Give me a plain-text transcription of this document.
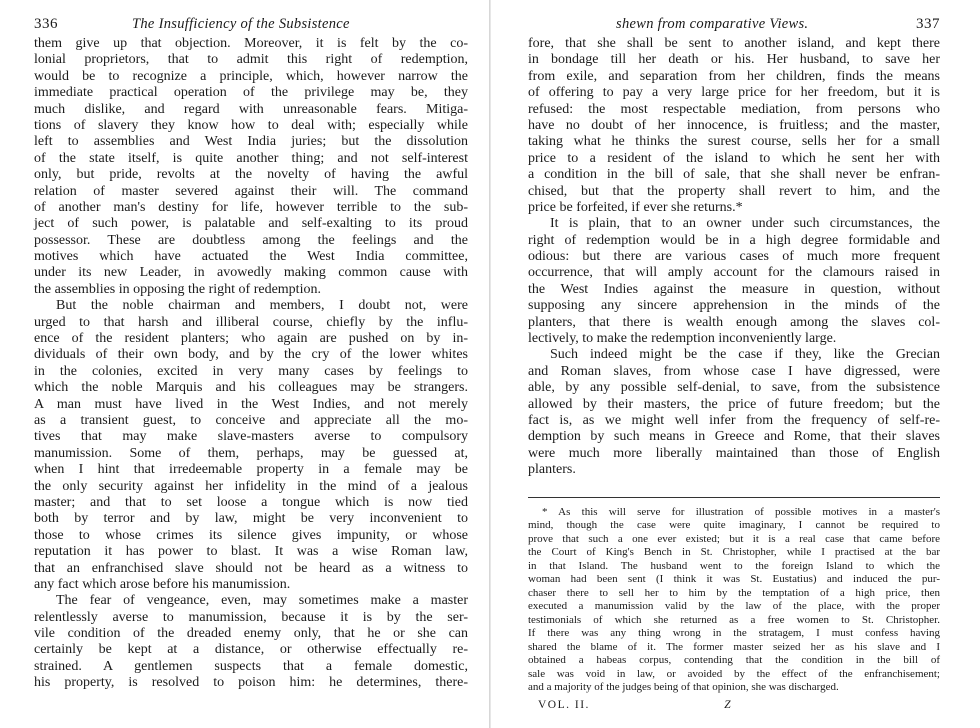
336	The Insufficiency of the Subsistence
them give up that objection. Moreover, it is felt by the co-
lonial proprietors, that to admit this right of redemption,
would be to recognize a principle, which, however narrow the
immediate practical operation of the privilege may be, they
much dislike, and regard with unreasonable fears. Mitiga-
tions of slavery they know how to deal with; especially while
left to assemblies and West India juries; but the dissolution
of the state itself, is quite another thing; and not self-interest
only, but pride, revolts at the novelty of having the awful
relation of master severed against their will. The command
of another man's destiny for life, however terrible to the sub-
ject of such power, is palatable and self-exalting to its proud
possessor. These are doubtless among the feelings and the
motives which have actuated the West India committee,
under its new Leader, in avowedly making common cause with
the assemblies in opposing the right of redemption.
But the noble chairman and members, I doubt not, were
urged to that harsh and illiberal course, chiefly by the influ-
ence of the resident planters; who again are pushed on by in-
dividuals of their own body, and by the cry of the lower whites
in the colonies, excited in very many cases by feelings to
which the noble Marquis and his colleagues may be strangers.
A man must have lived in the West Indies, and not merely
as a transient guest, to conceive and appreciate all the mo-
tives that may make slave-masters averse to compulsory
manumission. Some of them, perhaps, may be guessed at,
when I hint that irredeemable property in a female may be
the only security against her infidelity in the mind of a jealous
master; and that to set loose a tongue which is now tied
both by terror and by law, might be very inconvenient to
those to whose crimes its silence gives impunity, or whose
reputation it has power to blast. It was a wise Roman law,
that an enfranchised slave should not be heard as a witness to
any fact which arose before his manumission.
The fear of vengeance, even, may sometimes make a master
relentlessly averse to manumission, because it is by the ser-
vile condition of the dreaded enemy only, that he or she can
certainly be kept at a distance, or otherwise effectually re-
strained. A gentlemen suspects that a female domestic,
his property, is resolved to poison him: he determines, there-
shewn from comparative Views.	337
fore, that she shall be sent to another island, and kept there
in bondage till her death or his. Her husband, to save her
from exile, and separation from her children, finds the means
of offering to pay a very large price for her freedom, but it is
refused: the most respectable mediation, from persons who
have no doubt of her innocence, is fruitless; and the master,
taking what he thinks the surest course, sells her for a small
price to a resident of the island to which he sent her with
a condition in the bill of sale, that she shall never be enfran-
chised, but that the property shall revert to him, and the
price be forfeited, if ever she returns.*
It is plain, that to an owner under such circumstances, the
right of redemption would be in a high degree formidable and
odious: but there are various cases of much more frequent
occurrence, that will amply account for the clamours raised in
the West Indies against the measure in question, without
supposing any sincere apprehension in the minds of the
planters, that there is wealth enough among the slaves col-
lectively, to make the redemption inconveniently large.
Such indeed might be the case if they, like the Grecian
and Roman slaves, from whose case I have digressed, were
able, by any possible self-denial, to save, from the subsistence
allowed by their masters, the price of future freedom; but the
fact is, as we might well infer from the frequency of self-re-
demption by such means in Greece and Rome, that their slaves
were much more liberally maintained than those of English
planters.
* As this will serve for illustration of possible motives in a master's
mind, though the case were quite imaginary, I cannot be required to
prove that such a one ever existed; but it is a real case that came before
the Court of King's Bench in St. Christopher, while I practised at the bar
in that Island. The husband went to the foreign Island to which the
woman had been sent (I think it was St. Eustatius) and induced the pur-
chaser there to sell her to him by the temptation of a high price, then
executed a manumission valid by the law of the place, with the proper
testimonials of which she returned as a free women to St. Christopher.
If there was any thing wrong in the stratagem, I must confess having
shared the blame of it. The former master seized her as his slave and I
obtained a habeas corpus, contending that the condition in the bill of
sale was void in law, or avoided by the effect of the enfranchisement;
and a majority of the judges being of that opinion, she was discharged.
VOL. II.	Z
